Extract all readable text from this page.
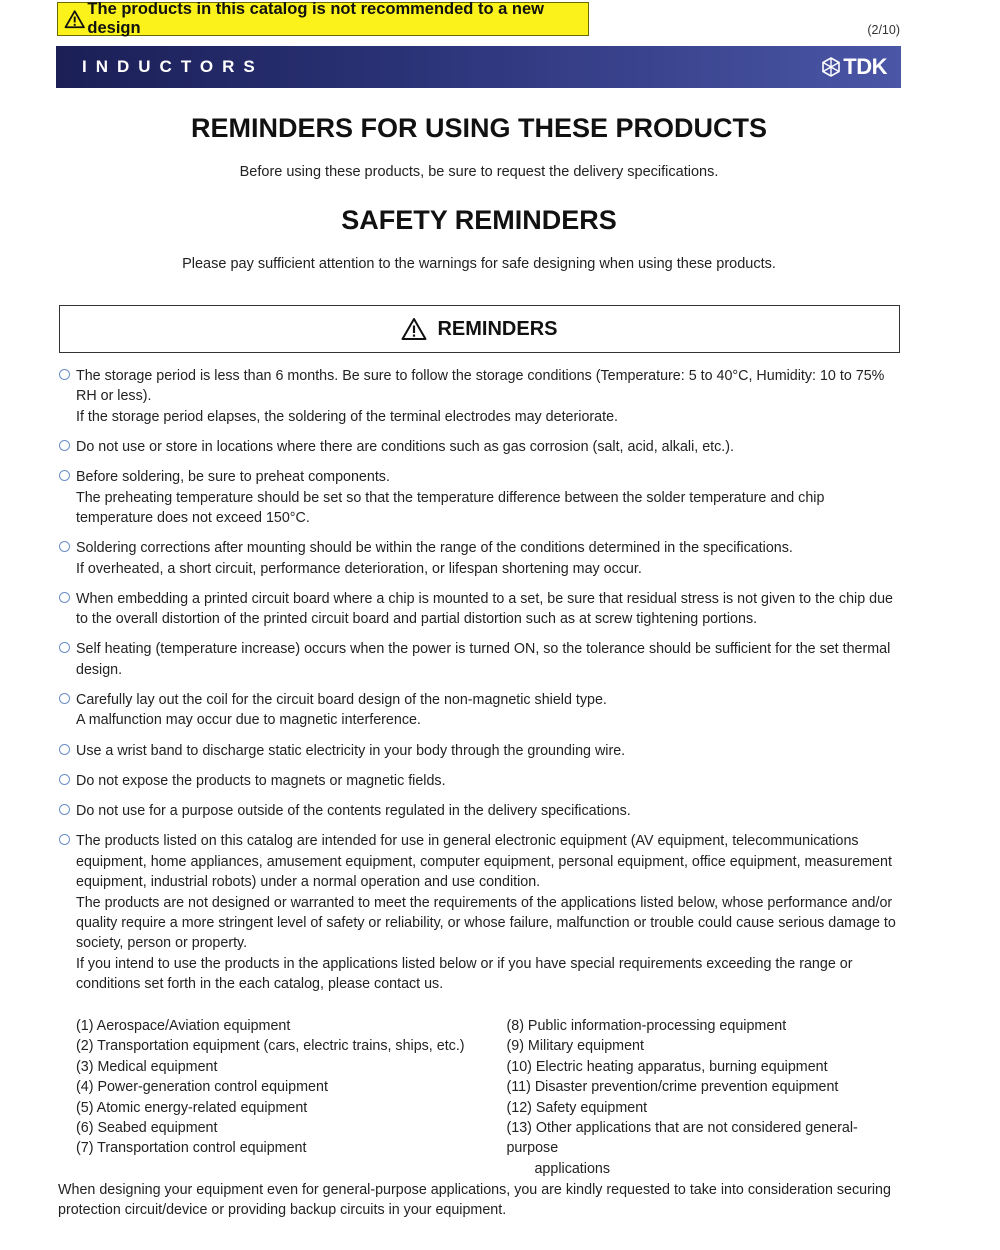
The products in this catalog is not recommended to a new design	(2/10)
INDUCTORS	TDK
REMINDERS FOR USING THESE PRODUCTS
Before using these products, be sure to request the delivery specifications.
SAFETY REMINDERS
Please pay sufficient attention to the warnings for safe designing when using these products.
REMINDERS

The storage period is less than 6 months. Be sure to follow the storage conditions (Temperature: 5 to 40°C, Humidity: 10 to 75% RH or less).

If the storage period elapses, the soldering of the terminal electrodes may deteriorate.

Do not use or store in locations where there are conditions such as gas corrosion (salt, acid, alkali, etc.).

Before soldering, be sure to preheat components.

The preheating temperature should be set so that the temperature difference between the solder temperature and chip temperature does not exceed 150°C.

Soldering corrections after mounting should be within the range of the conditions determined in the specifications.

If overheated, a short circuit, performance deterioration, or lifespan shortening may occur.

When embedding a printed circuit board where a chip is mounted to a set, be sure that residual stress is not given to the chip due to the overall distortion of the printed circuit board and partial distortion such as at screw tightening portions.

Self heating (temperature increase) occurs when the power is turned ON, so the tolerance should be sufficient for the set thermal design.

Carefully lay out the coil for the circuit board design of the non-magnetic shield type.

A malfunction may occur due to magnetic interference.

Use a wrist band to discharge static electricity in your body through the grounding wire.

Do not expose the products to magnets or magnetic fields.

Do not use for a purpose outside of the contents regulated in the delivery specifications.

The products listed on this catalog are intended for use in general electronic equipment (AV equipment, telecommunications equipment, home appliances, amusement equipment, computer equipment, personal equipment, office equipment, measurement equipment, industrial robots) under a normal operation and use condition.

The products are not designed or warranted to meet the requirements of the applications listed below, whose performance and/or quality require a more stringent level of safety or reliability, or whose failure, malfunction or trouble could cause serious damage to society, person or property.

If you intend to use the products in the applications listed below or if you have special requirements exceeding the range or conditions set forth in the each catalog, please contact us.

(1) Aerospace/Aviation equipment
(2) Transportation equipment (cars, electric trains, ships, etc.)
(3) Medical equipment
(4) Power-generation control equipment
(5) Atomic energy-related equipment
(6) Seabed equipment
(7) Transportation control equipment
(8) Public information-processing equipment
(9) Military equipment
(10) Electric heating apparatus, burning equipment
(11) Disaster prevention/crime prevention equipment
(12) Safety equipment
(13) Other applications that are not considered general-purpose
applications

When designing your equipment even for general-purpose applications, you are kindly requested to take into consideration securing protection circuit/device or providing backup circuits in your equipment.
